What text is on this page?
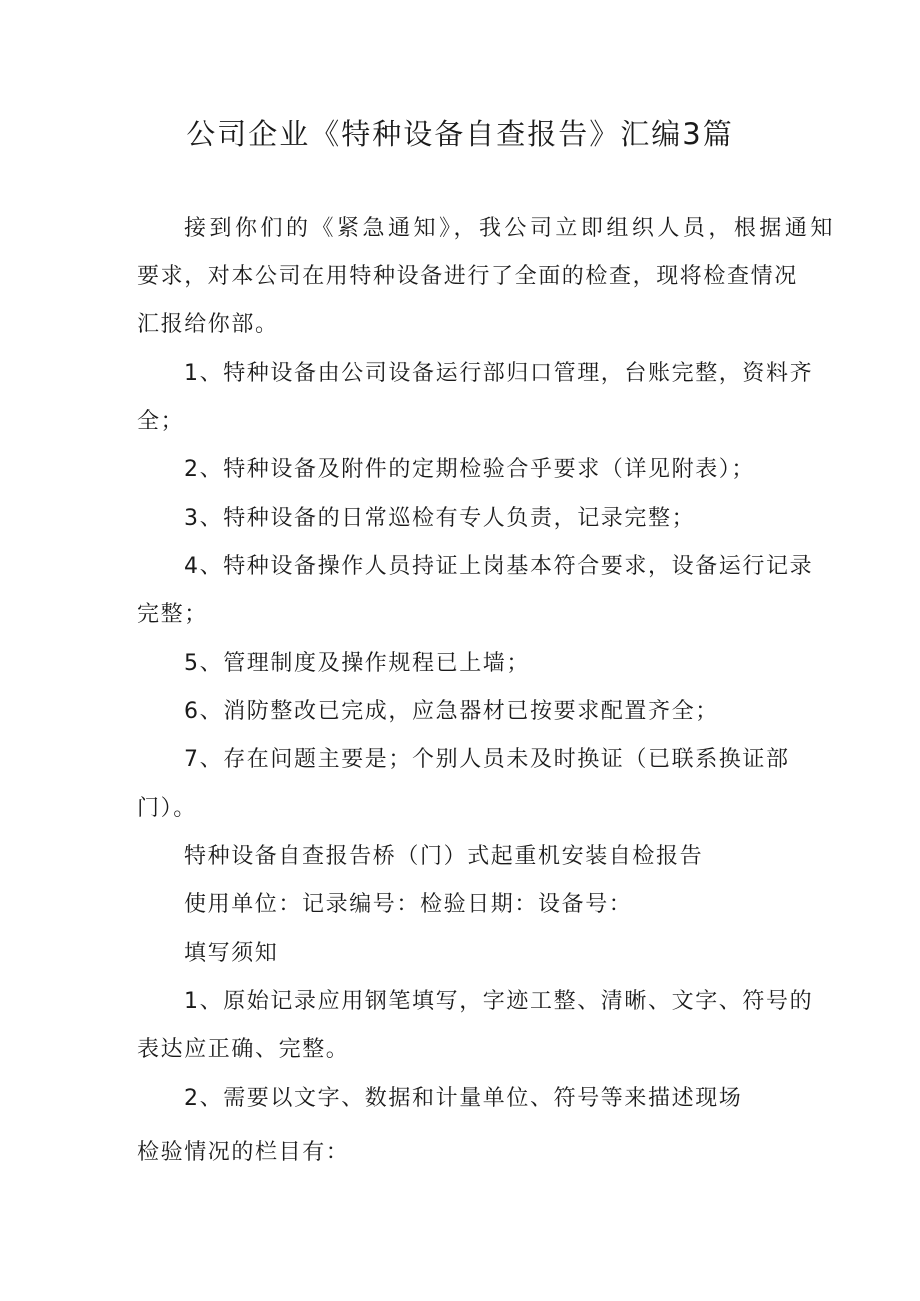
公司企业《特种设备自查报告》汇编3篇
接到你们的《紧急通知》，我公司立即组织人员，根据通知
要求，对本公司在用特种设备进行了全面的检查，现将检查情况
汇报给你部。
1、特种设备由公司设备运行部归口管理，台账完整，资料齐
全；
2、特种设备及附件的定期检验合乎要求（详见附表）；
3、特种设备的日常巡检有专人负责，记录完整；
4、特种设备操作人员持证上岗基本符合要求，设备运行记录
完整；
5、管理制度及操作规程已上墙；
6、消防整改已完成，应急器材已按要求配置齐全；
7、存在问题主要是；个别人员未及时换证（已联系换证部
门）。
特种设备自查报告桥（门）式起重机安装自检报告
使用单位：记录编号：检验日期：设备号：
填写须知
1、原始记录应用钢笔填写，字迹工整、清晰、文字、符号的
表达应正确、完整。
2、需要以文字、数据和计量单位、符号等来描述现场
检验情况的栏目有：
